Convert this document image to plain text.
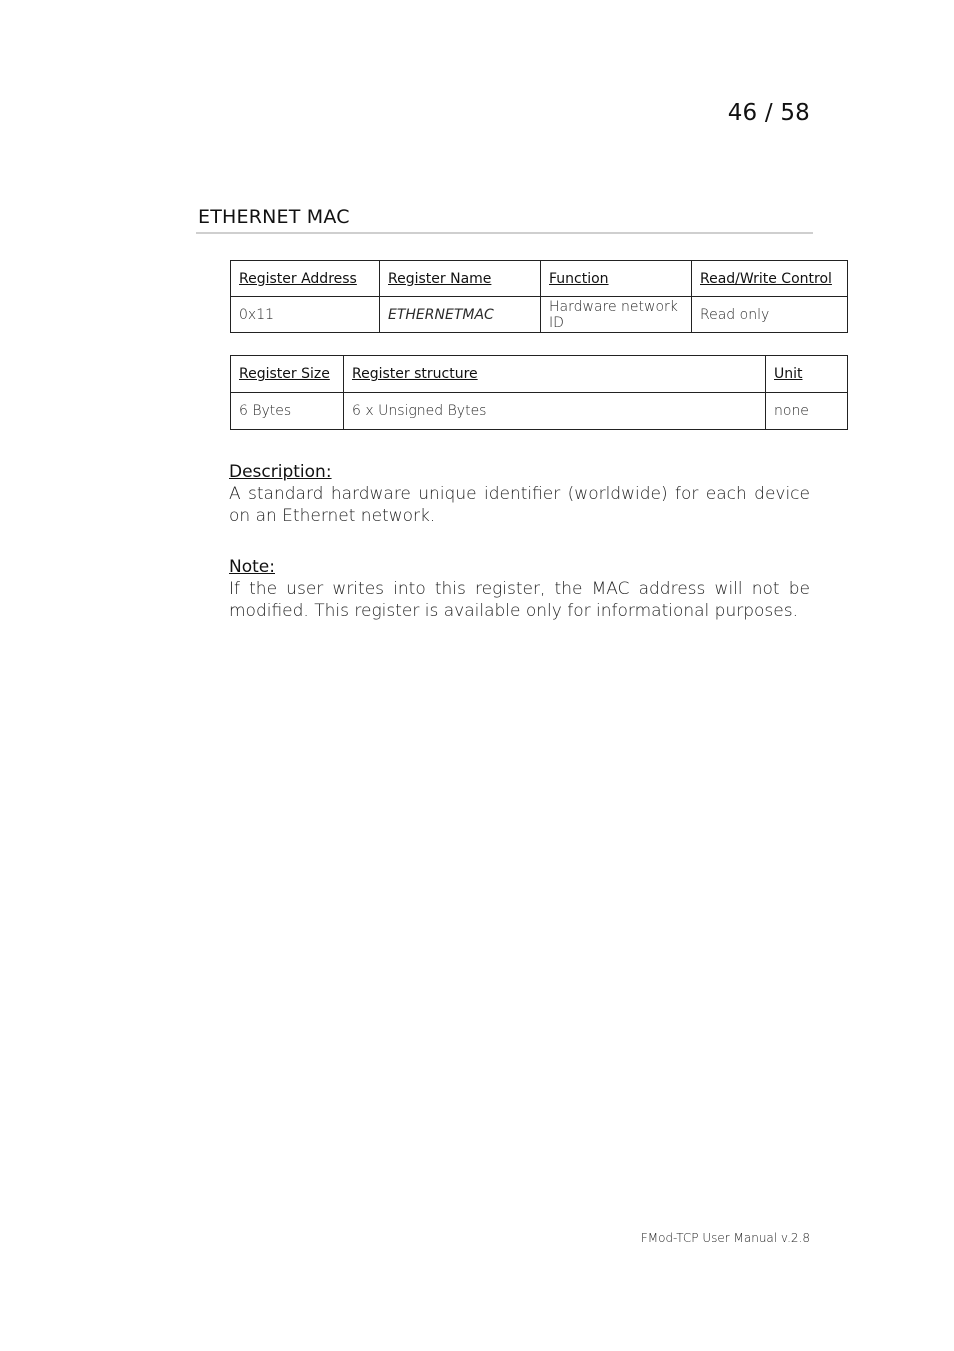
46 / 58
ETHERNET MAC
Register Address	Register Name	Function	Read/Write Control
0x11	ETHERNETMAC	Hardware network ID	Read only
Register Size	Register structure	Unit
6 Bytes	6 x Unsigned Bytes	none
Description:
A standard hardware unique identifier (worldwide) for each device on an Ethernet network.
Note:
If the user writes into this register, the MAC address will not be modified. This register is available only for informational purposes.
FMod-TCP User Manual v.2.8
